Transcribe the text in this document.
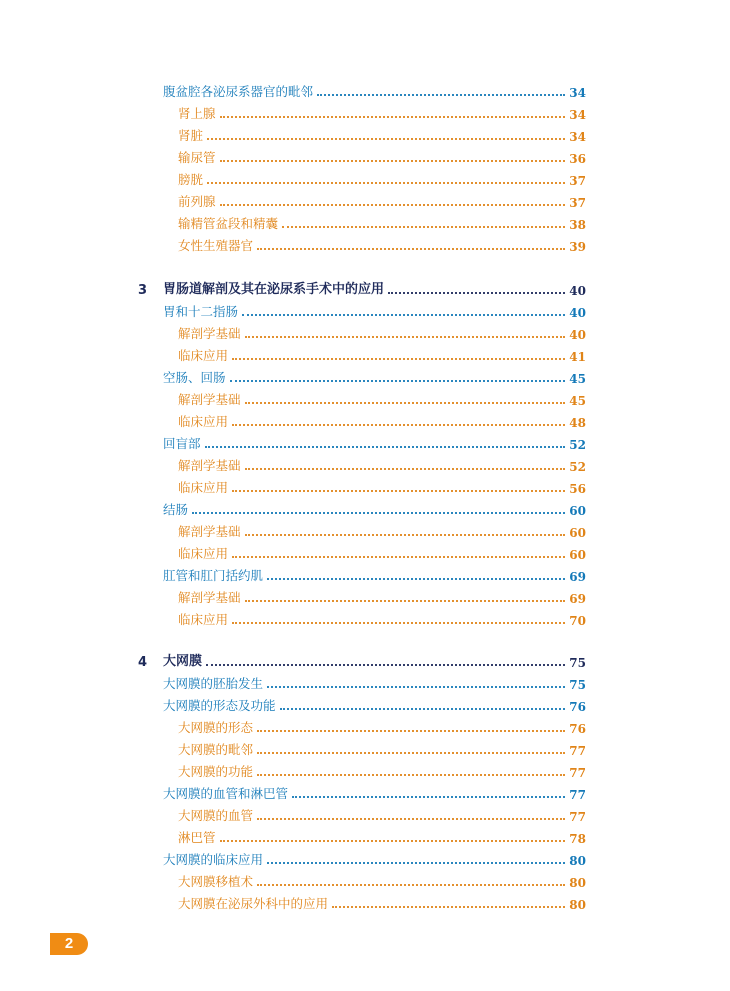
腹盆腔各泌尿系器官的毗邻	34
肾上腺	34
肾脏	34
输尿管	36
膀胱	37
前列腺	37
输精管盆段和精囊	38
女性生殖器官	39
3 胃肠道解剖及其在泌尿系手术中的应用	40
胃和十二指肠	40
解剖学基础	40
临床应用	41
空肠、回肠	45
解剖学基础	45
临床应用	48
回盲部	52
解剖学基础	52
临床应用	56
结肠	60
解剖学基础	60
临床应用	60
肛管和肛门括约肌	69
解剖学基础	69
临床应用	70
4 大网膜	75
大网膜的胚胎发生	75
大网膜的形态及功能	76
大网膜的形态	76
大网膜的毗邻	77
大网膜的功能	77
大网膜的血管和淋巴管	77
大网膜的血管	77
淋巴管	78
大网膜的临床应用	80
大网膜移植术	80
大网膜在泌尿外科中的应用	80
2
